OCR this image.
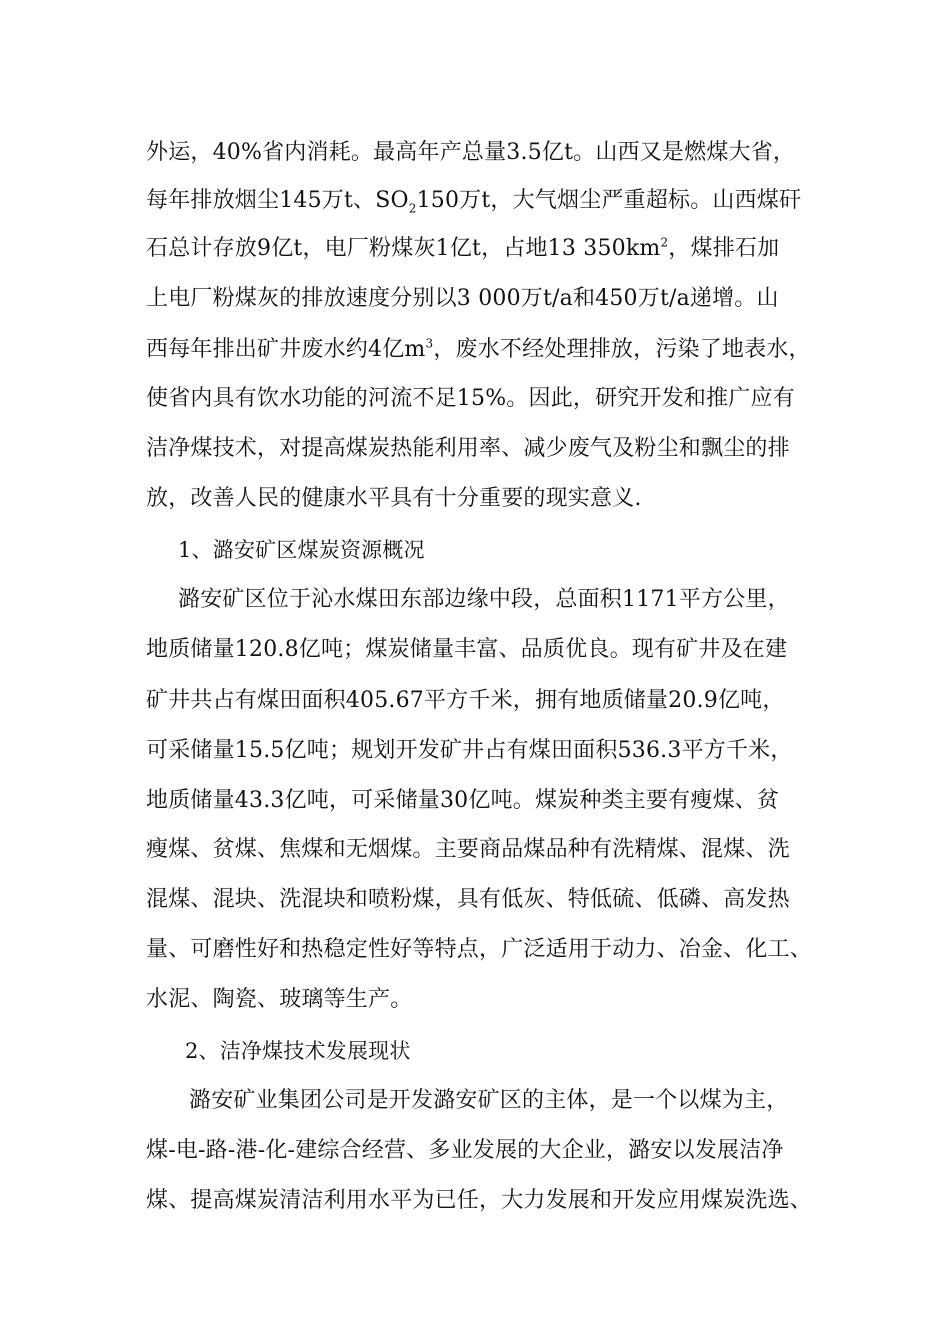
外运，40%省内消耗。最高年产总量3.5亿t。山西又是燃煤大省，
每年排放烟尘145万t、$SO_2150$万t，大气烟尘严重超标。山西煤矸
石总计存放9亿t，电厂粉煤灰1亿t，占地13 $350km^2$，煤排石加
上电厂粉煤灰的排放速度分别以3 000万t/a和450万t/a递增。山
西每年排出矿井废水约4亿$m^3$，废水不经处理排放，污染了地表水，
使省内具有饮水功能的河流不足15%。因此，研究开发和推广应有
洁净煤技术，对提高煤炭热能利用率、减少废气及粉尘和飘尘的排
放，改善人民的健康水平具有十分重要的现实意义.
1、潞安矿区煤炭资源概况
潞安矿区位于沁水煤田东部边缘中段，总面积1171平方公里，
地质储量120.8亿吨；煤炭储量丰富、品质优良。现有矿井及在建
矿井共占有煤田面积405.67平方千米，拥有地质储量20.9亿吨，
可采储量15.5亿吨；规划开发矿井占有煤田面积536.3平方千米，
地质储量43.3亿吨，可采储量30亿吨。煤炭种类主要有瘦煤、贫
瘦煤、贫煤、焦煤和无烟煤。主要商品煤品种有洗精煤、混煤、洗
混煤、混块、洗混块和喷粉煤，具有低灰、特低硫、低磷、高发热
量、可磨性好和热稳定性好等特点，广泛适用于动力、冶金、化工、
水泥、陶瓷、玻璃等生产。
2、洁净煤技术发展现状
潞安矿业集团公司是开发潞安矿区的主体，是一个以煤为主，
煤-电-路-港-化-建综合经营、多业发展的大企业，潞安以发展洁净
煤、提高煤炭清洁利用水平为已任，大力发展和开发应用煤炭洗选、
